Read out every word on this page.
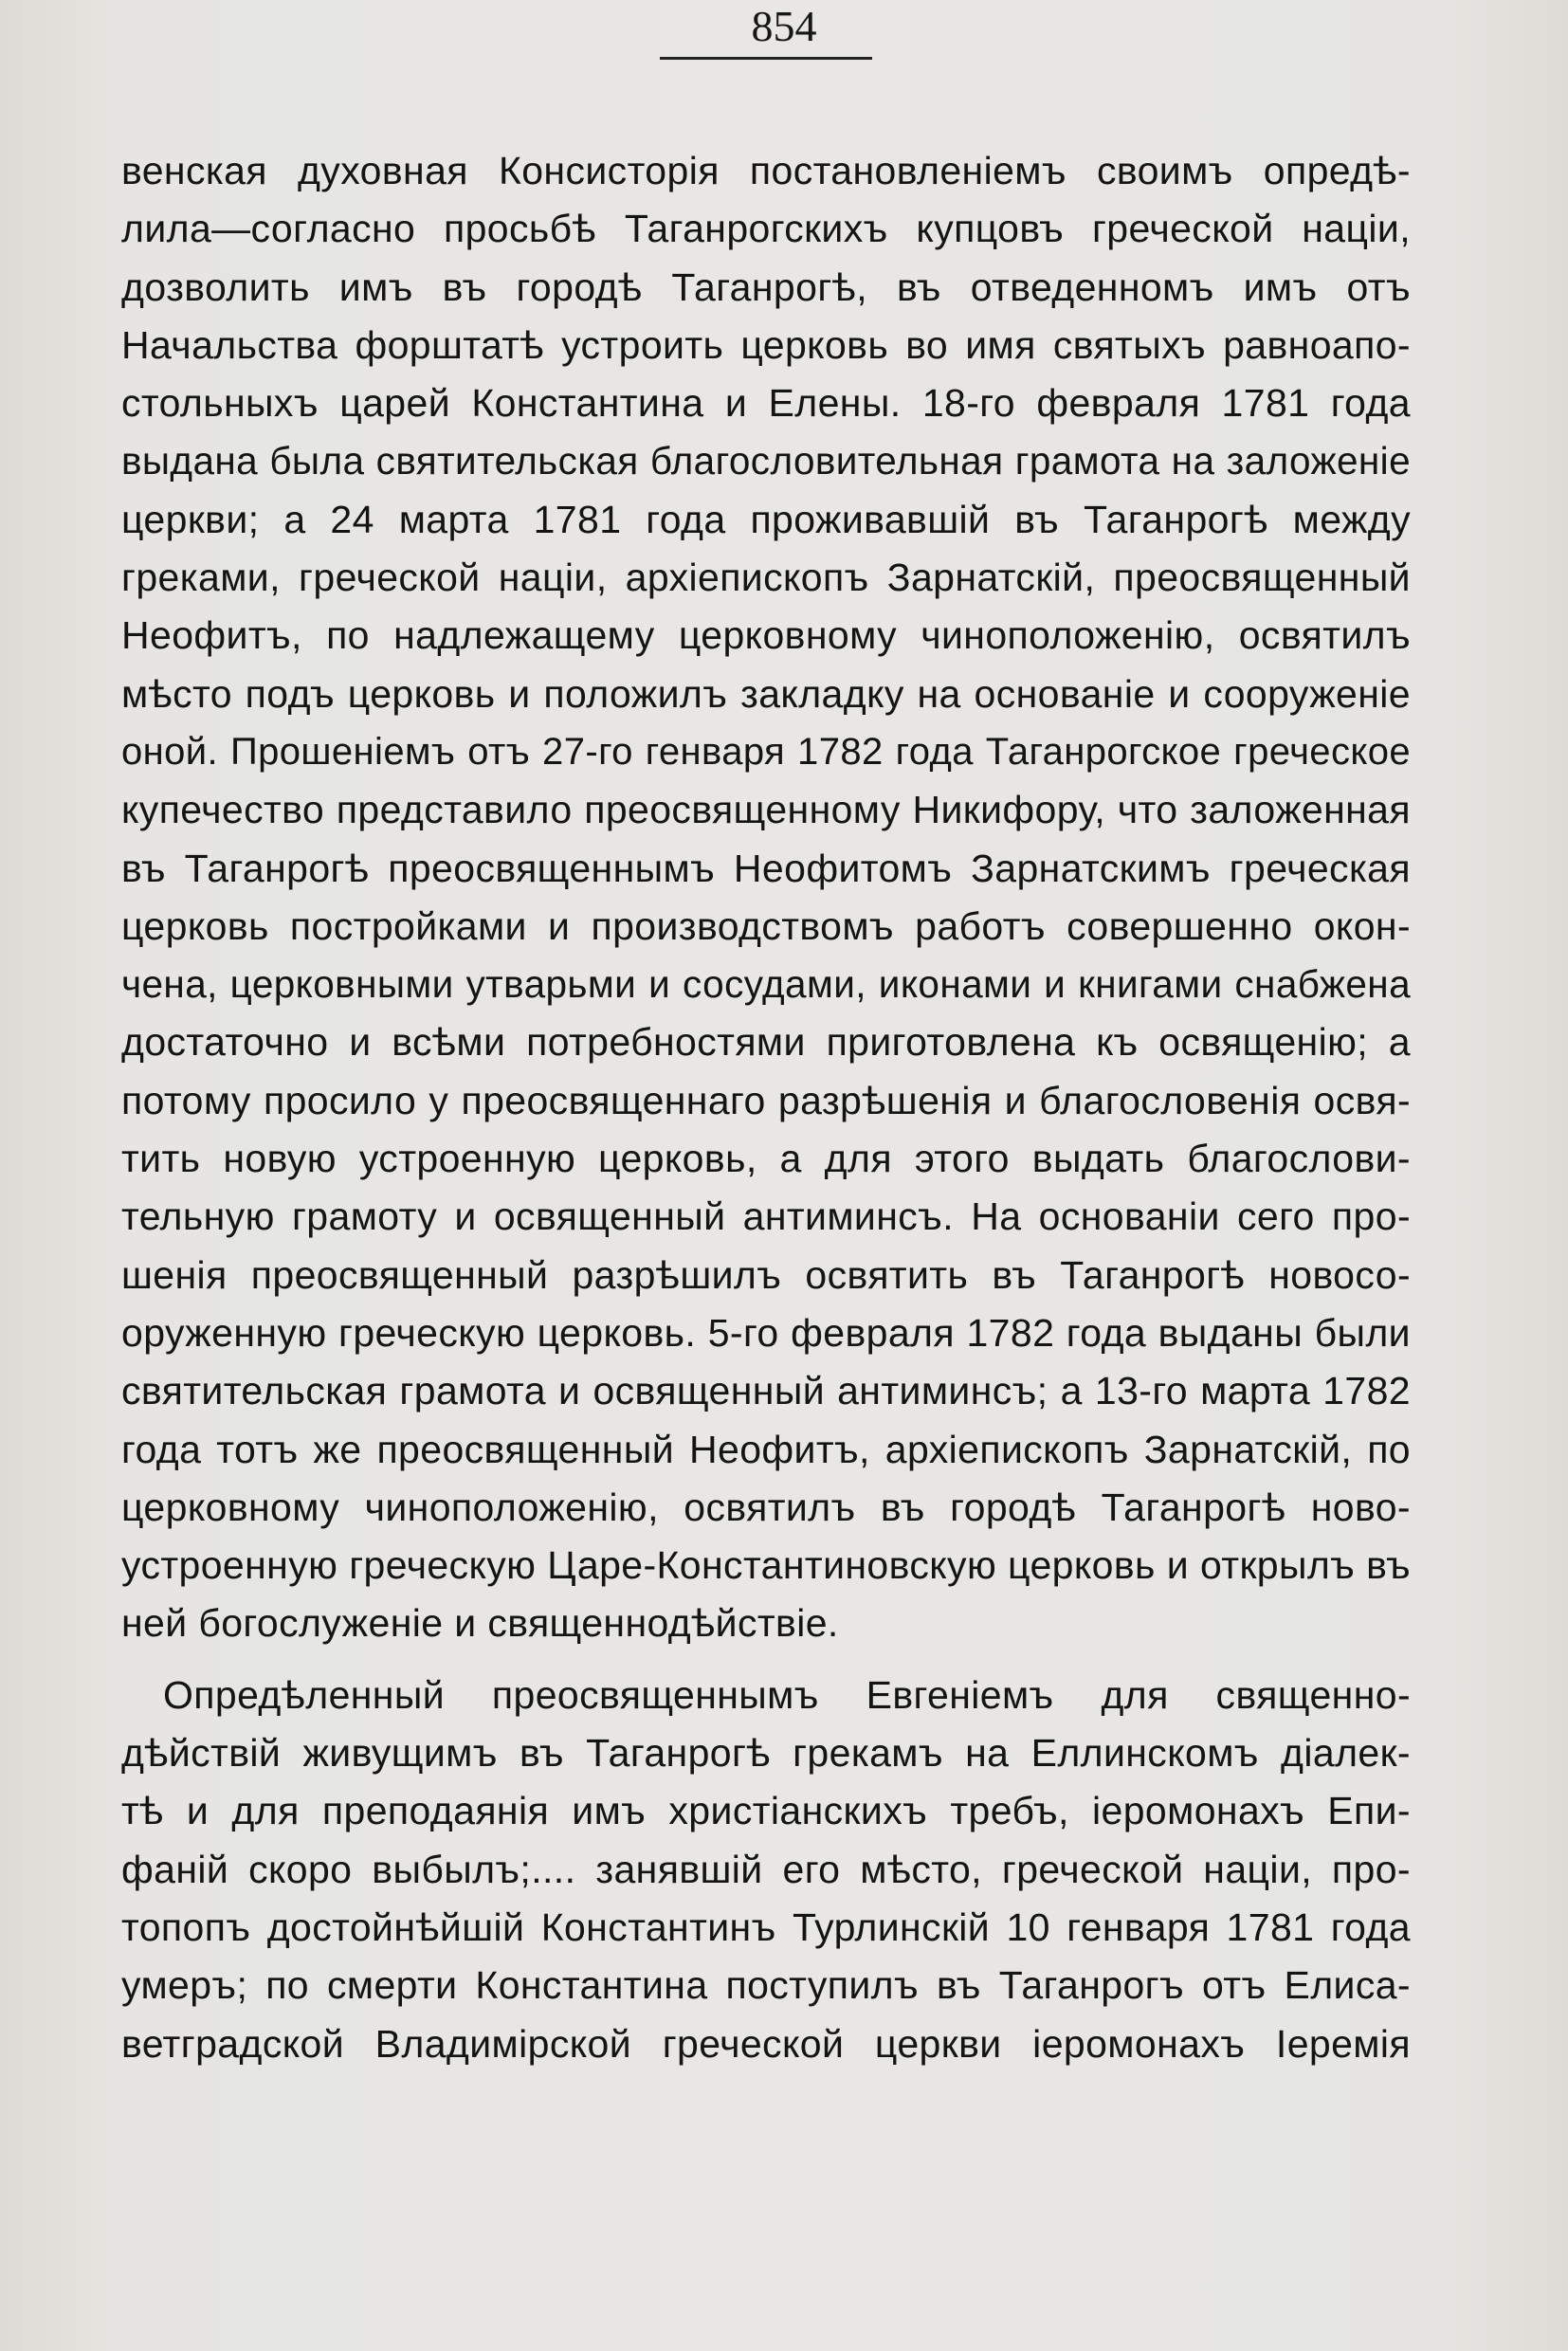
854
венская духовная Консисторія постановленіемъ своимъ опредѣ-
лила—согласно просьбѣ Таганрогскихъ купцовъ греческой націи,
дозволить имъ въ городѣ Таганрогѣ, въ отведенномъ имъ отъ
Начальства форштатѣ устроить церковь во имя святыхъ равноапо-
стольныхъ царей Константина и Елены. 18-го февраля 1781 года
выдана была святительская благословительная грамота на заложеніе
церкви; а 24 марта 1781 года проживавшій въ Таганрогѣ между
греками, греческой націи, архіепископъ Зарнатскій, преосвященный
Неофитъ, по надлежащему церковному чиноположенію, освятилъ
мѣсто подъ церковь и положилъ закладку на основаніе и сооруженіе
оной. Прошеніемъ отъ 27-го генваря 1782 года Таганрогское греческое
купечество представило преосвященному Никифору, что заложенная
въ Таганрогѣ преосвященнымъ Неофитомъ Зарнатскимъ греческая
церковь постройками и производствомъ работъ совершенно окон-
чена, церковными утварьми и сосудами, иконами и книгами снабжена
достаточно и всѣми потребностями приготовлена къ освященію; а
потому просило у преосвященнаго разрѣшенія и благословенія освя-
тить новую устроенную церковь, а для этого выдать благослови-
тельную грамоту и освященный антиминсъ. На основаніи сего про-
шенія преосвященный разрѣшилъ освятить въ Таганрогѣ новосо-
оруженную греческую церковь. 5-го февраля 1782 года выданы были
святительская грамота и освященный антиминсъ; а 13-го марта 1782
года тотъ же преосвященный Неофитъ, архіепископъ Зарнатскій, по
церковному чиноположенію, освятилъ въ городѣ Таганрогѣ ново-
устроенную греческую Царе-Константиновскую церковь и открылъ въ
ней богослуженіе и священнодѣйствіе.
Опредѣленный преосвященнымъ Евгеніемъ для священно-
дѣйствій живущимъ въ Таганрогѣ грекамъ на Еллинскомъ діалек-
тѣ и для преподаянія имъ христіанскихъ требъ, іеромонахъ Епи-
фаній скоро выбылъ;.... занявшій его мѣсто, греческой націи, про-
топопъ достойнѣйшій Константинъ Турлинскій 10 генваря 1781 года
умеръ; по смерти Константина поступилъ въ Таганрогъ отъ Елиса-
ветградской Владимірской греческой церкви іеромонахъ Іеремія
